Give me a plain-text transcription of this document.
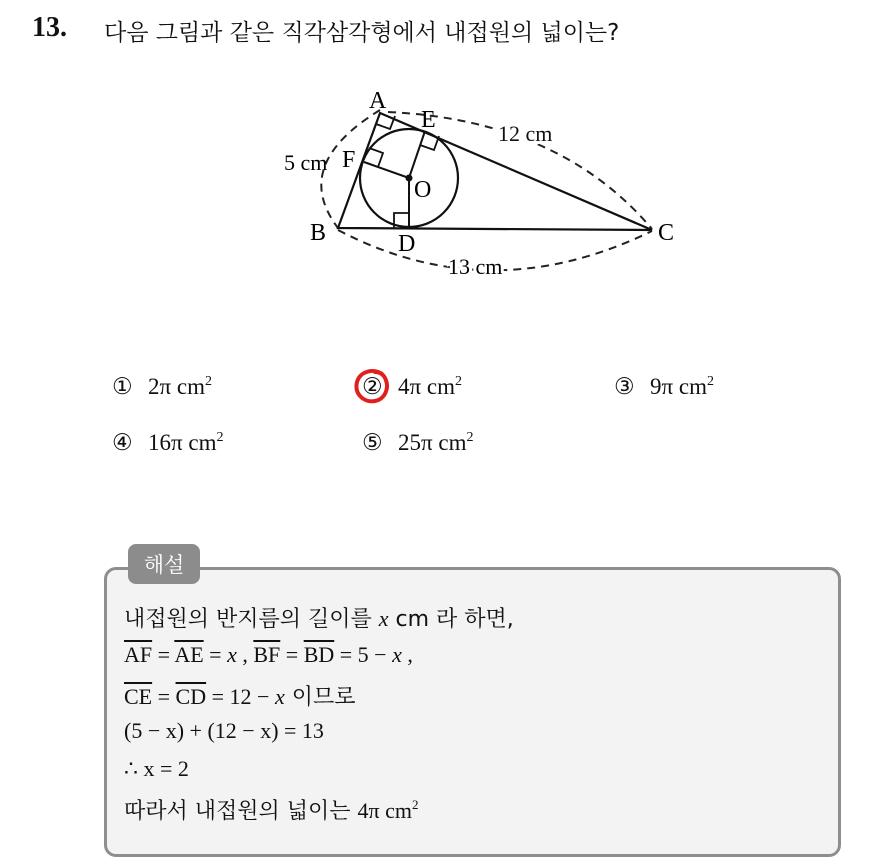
13. 다음 그림과 같은 직각삼각형에서 내접원의 넓이는?
A
B	C
D
E
F
O
5 cm
12 cm
13 cm
① 2π $cm^2$	② 4π $cm^2$	③ 9π $cm^2$
④ 16π $cm^2$	⑤ 25π $cm^2$
해설
내접원의 반지름의 길이를 x cm 라 하면,
$\overline{AF} = \overline{AE} = x$ , $\overline{BF} = \overline{BD} = 5 - x$ ,
$\overline{CE} = \overline{CD} = 12 - x$ 이므로
(5 − x) + (12 − x) = 13
∴ x = 2
따라서 내접원의 넓이는 4π $cm^2$
